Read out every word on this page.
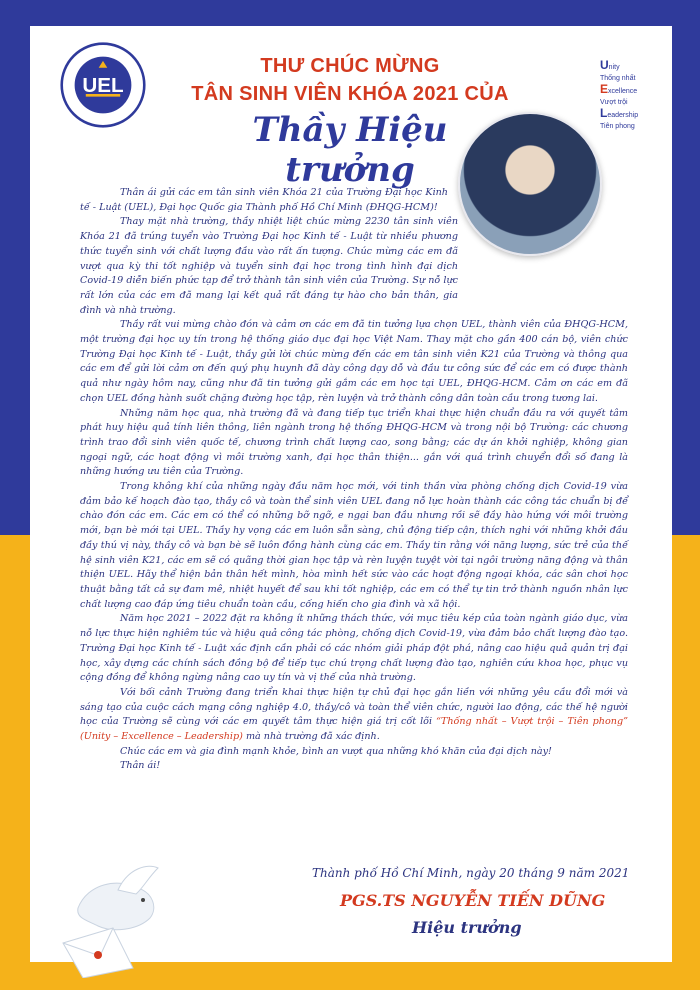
UEL
THƯ CHÚC MỪNG
TÂN SINH VIÊN KHÓA 2021 CỦA
Thầy Hiệu trưởng
Unity
Thống nhất
Excellence
Vượt trội
Leadership
Tiên phong

Thân ái gửi các em tân sinh viên Khóa 21 của Trường Đại học Kinh tế - Luật (UEL), Đại học Quốc gia Thành phố Hồ Chí Minh (ĐHQG-HCM)!

Thay mặt nhà trường, thầy nhiệt liệt chúc mừng 2230 tân sinh viên Khóa 21 đã trúng tuyển vào Trường Đại học Kinh tế - Luật từ nhiều phương thức tuyển sinh với chất lượng đầu vào rất ấn tượng. Chúc mừng các em đã vượt qua kỳ thi tốt nghiệp và tuyển sinh đại học trong tình hình đại dịch Covid-19 diễn biến phức tạp để trở thành tân sinh viên của Trường. Sự nỗ lực rất lớn của các em đã mang lại kết quả rất đáng tự hào cho bản thân, gia đình và nhà trường.

Thầy rất vui mừng chào đón và cảm ơn các em đã tin tưởng lựa chọn UEL, thành viên của ĐHQG-HCM, một trường đại học uy tín trong hệ thống giáo dục đại học Việt Nam. Thay mặt cho gần 400 cán bộ, viên chức Trường Đại học Kinh tế - Luật, thầy gửi lời chúc mừng đến các em tân sinh viên K21 của Trường và thông qua các em để gửi lời cảm ơn đến quý phụ huynh đã dày công dạy dỗ và đầu tư công sức để các em có được thành quả như ngày hôm nay, cũng như đã tin tưởng gửi gắm các em học tại UEL, ĐHQG-HCM. Cảm ơn các em đã chọn UEL đồng hành suốt chặng đường học tập, rèn luyện và trở thành công dân toàn cầu trong tương lai.

Những năm học qua, nhà trường đã và đang tiếp tục triển khai thực hiện chuẩn đầu ra với quyết tâm phát huy hiệu quả tính liên thông, liên ngành trong hệ thống ĐHQG-HCM và trong nội bộ Trường: các chương trình trao đổi sinh viên quốc tế, chương trình chất lượng cao, song bằng; các dự án khởi nghiệp, không gian ngoại ngữ, các hoạt động vì môi trường xanh, đại học thân thiện... gắn với quá trình chuyển đổi số đang là những hướng ưu tiên của Trường.

Trong không khí của những ngày đầu năm học mới, với tinh thần vừa phòng chống dịch Covid-19 vừa đảm bảo kế hoạch đào tạo, thầy cô và toàn thể sinh viên UEL đang nỗ lực hoàn thành các công tác chuẩn bị để chào đón các em. Các em có thể có những bỡ ngỡ, e ngại ban đầu nhưng rồi sẽ đầy hào hứng với môi trường mới, bạn bè mới tại UEL. Thầy hy vọng các em luôn sẵn sàng, chủ động tiếp cận, thích nghi với những khởi đầu đầy thú vị này, thầy cô và bạn bè sẽ luôn đồng hành cùng các em. Thầy tin rằng với năng lượng, sức trẻ của thế hệ sinh viên K21, các em sẽ có quãng thời gian học tập và rèn luyện tuyệt vời tại ngôi trường năng động và thân thiện UEL. Hãy thể hiện bản thân hết mình, hòa mình hết sức vào các hoạt động ngoại khóa, các sân chơi học thuật bằng tất cả sự đam mê, nhiệt huyết để sau khi tốt nghiệp, các em có thể tự tin trở thành nguồn nhân lực chất lượng cao đáp ứng tiêu chuẩn toàn cầu, cống hiến cho gia đình và xã hội.

Năm học 2021 – 2022 đặt ra không ít những thách thức, với mục tiêu kép của toàn ngành giáo dục, vừa nỗ lực thực hiện nghiêm túc và hiệu quả công tác phòng, chống dịch Covid-19, vừa đảm bảo chất lượng đào tạo. Trường Đại học Kinh tế - Luật xác định cần phải có các nhóm giải pháp đột phá, nâng cao hiệu quả quản trị đại học, xây dựng các chính sách đồng bộ để tiếp tục chú trọng chất lượng đào tạo, nghiên cứu khoa học, phục vụ cộng đồng để không ngừng nâng cao uy tín và vị thế của nhà trường.

Với bối cảnh Trường đang triển khai thực hiện tự chủ đại học gắn liền với những yêu cầu đổi mới và sáng tạo của cuộc cách mạng công nghiệp 4.0, thầy/cô và toàn thể viên chức, người lao động, các thế hệ người học của Trường sẽ cùng với các em quyết tâm thực hiện giá trị cốt lõi “Thống nhất – Vượt trội – Tiên phong” (Unity – Excellence – Leadership) mà nhà trường đã xác định.

Chúc các em và gia đình mạnh khỏe, bình an vượt qua những khó khăn của đại dịch này!

Thân ái!

Thành phố Hồ Chí Minh, ngày 20 tháng 9 năm 2021
PGS.TS NGUYỄN TIẾN DŨNG
Hiệu trưởng
